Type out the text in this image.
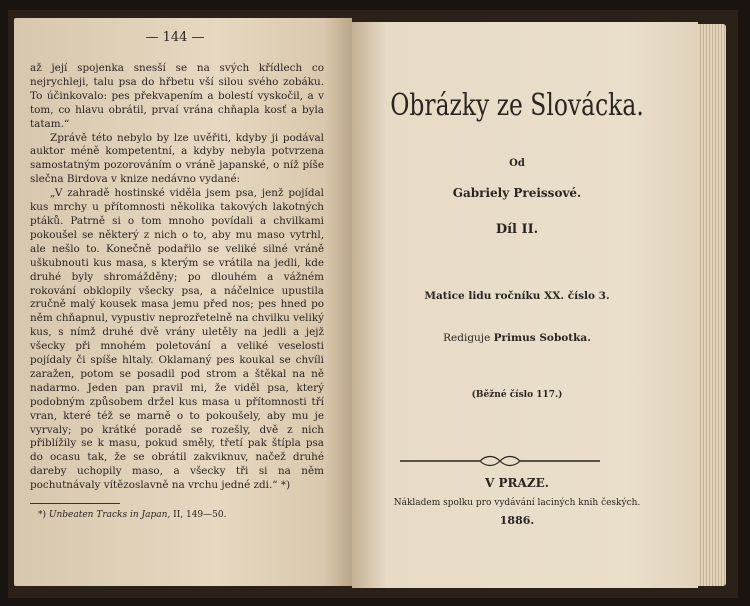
— 144 —

až její spojenka snesší se na svých křídlech co nejrychleji, talu psa do hřbetu vší silou svého zobáku. To účinkovalo: pes překvapením a bolestí vyskočil, a v tom, co hlavu obrátil, prvaí vrána chňapla kosť a byla tatam.“

Zprávě této nebylo by lze uvěřiti, kdyby ji podával auktor méně kompetentní, a kdyby nebyla potvrzena samostatným pozorováním o vráně japanské, o níž píše slečna Birdova v knize nedávno vydané:

„V zahradě hostinské viděla jsem psa, jenž pojídal kus mrchy u přítomnosti několika takových lakotných ptáků. Patrně si o tom mnoho povídali a chvilkami pokoušel se některý z nich o to, aby mu maso vytrhl, ale nešlo to. Konečně podařilo se veliké silné vráně uškubnouti kus masa, s kterým se vrátila na jedli, kde druhé byly shromážděny; po dlouhém a vážném rokování obklopily všecky psa, a náčelnice upustila zručně malý kousek masa jemu před nos; pes hned po něm chňapnul, vypustiv neprozřetelně na chvilku veliký kus, s nímž druhé dvě vrány uletěly na jedli a jejž všecky při mnohém poletování a veliké veselosti pojídaly či spíše hltaly. Oklamaný pes koukal se chvíli zaražen, potom se posadil pod strom a štěkal na ně nadarmo. Jeden pan pravil mi, že viděl psa, který podobným způsobem držel kus masa u přítomnosti tří vran, které též se marně o to pokoušely, aby mu je vyrvaly; po krátké poradě se rozešly, dvě z nich přiblížily se k masu, pokud směly, třetí pak štípla psa do ocasu tak, že se obrátil zakviknuv, načež druhé dareby uchopily maso, a všecky tři si na něm pochutnávaly vítězoslavně na vrchu jedné zdi.“ *)

*) Unbeaten Tracks in Japan, II, 149—50.
Obrázky ze Slovácka.
Od
Gabriely Preissové.
Díl II.
Matice lidu ročníku XX. číslo 3.
Rediguje Primus Sobotka.
(Běžné číslo 117.)
V PRAZE.
Nákladem spolku pro vydávání laciných knih českých.
1886.
